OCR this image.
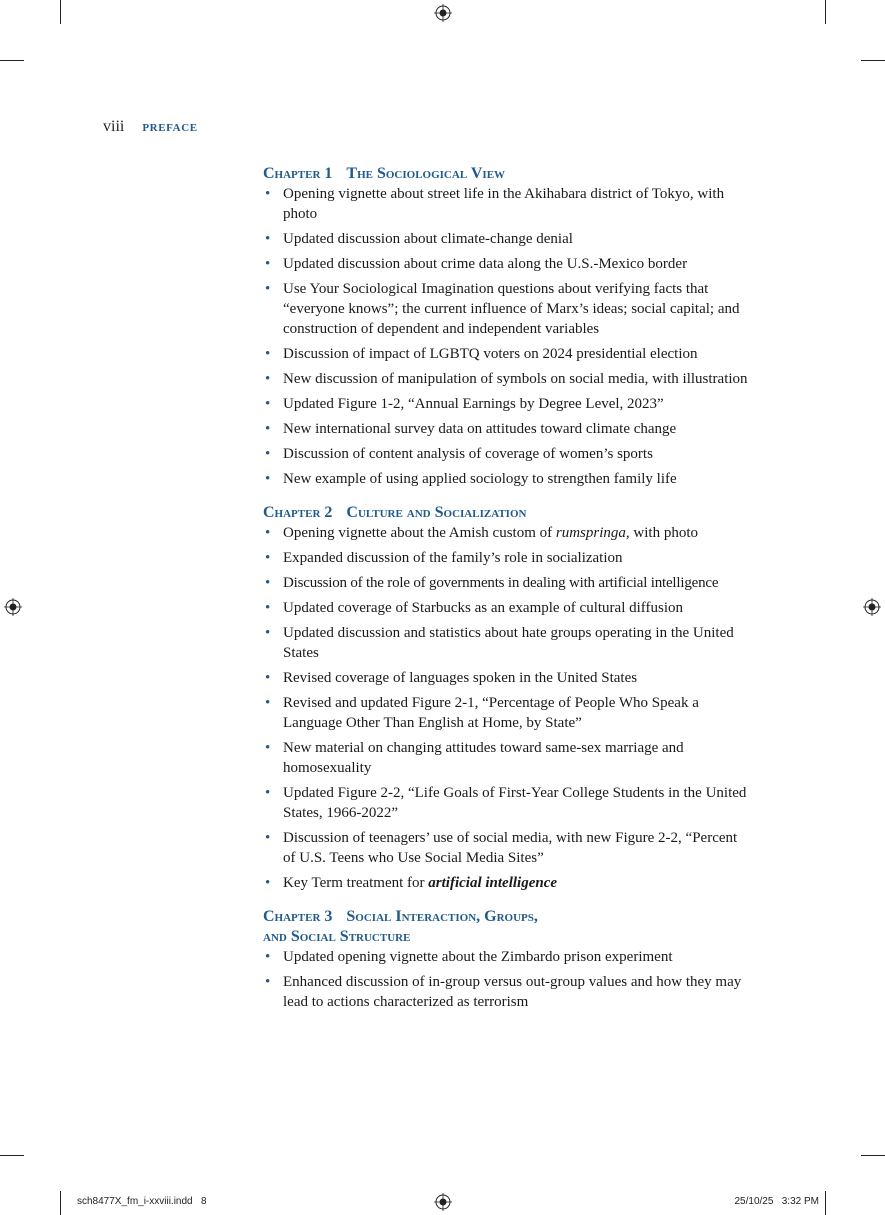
viii PREFACE
Chapter 1 The Sociological View
• Opening vignette about street life in the Akihabara district of Tokyo, with photo
• Updated discussion about climate-change denial
• Updated discussion about crime data along the U.S.-Mexico border
• Use Your Sociological Imagination questions about verifying facts that “everyone knows”; the current influence of Marx’s ideas; social capital; and construction of dependent and independent variables
• Discussion of impact of LGBTQ voters on 2024 presidential election
• New discussion of manipulation of symbols on social media, with illustration
• Updated Figure 1-2, “Annual Earnings by Degree Level, 2023”
• New international survey data on attitudes toward climate change
• Discussion of content analysis of coverage of women’s sports
• New example of using applied sociology to strengthen family life
Chapter 2 Culture and Socialization
• Opening vignette about the Amish custom of rumspringa, with photo
• Expanded discussion of the family’s role in socialization
• Discussion of the role of governments in dealing with artificial intelligence
• Updated coverage of Starbucks as an example of cultural diffusion
• Updated discussion and statistics about hate groups operating in the United States
• Revised coverage of languages spoken in the United States
• Revised and updated Figure 2-1, “Percentage of People Who Speak a Language Other Than English at Home, by State”
• New material on changing attitudes toward same-sex marriage and homosexuality
• Updated Figure 2-2, “Life Goals of First-Year College Students in the United States, 1966-2022”
• Discussion of teenagers’ use of social media, with new Figure 2-2, “Percent of U.S. Teens who Use Social Media Sites”
• Key Term treatment for artificial intelligence
Chapter 3 Social Interaction, Groups,
and Social Structure
• Updated opening vignette about the Zimbardo prison experiment
• Enhanced discussion of in-group versus out-group values and how they may lead to actions characterized as terrorism
sch8477X_fm_i-xxviii.indd   8	25/10/25   3:32 PM
